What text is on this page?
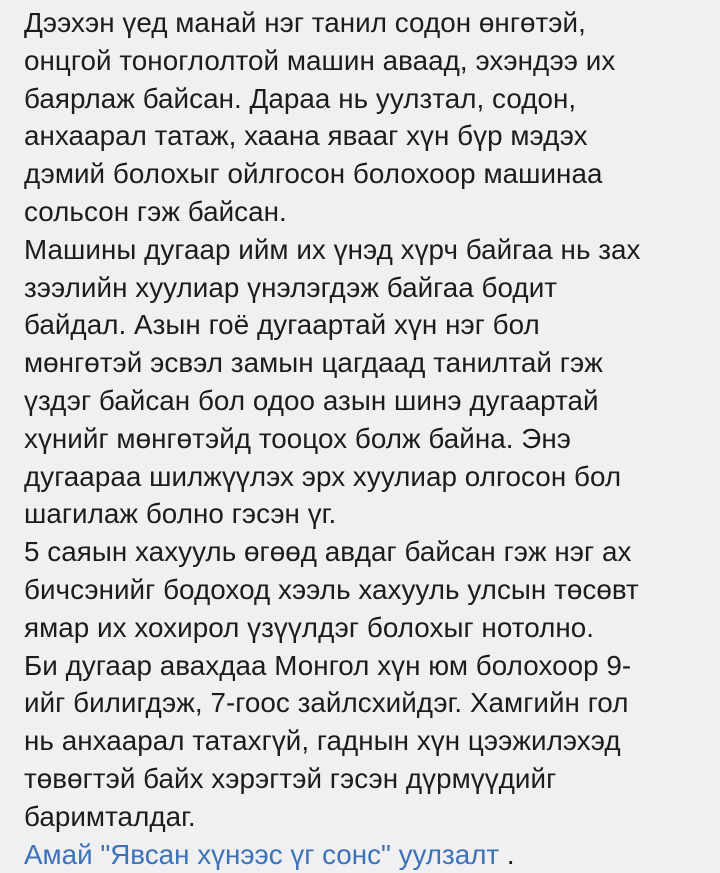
Дээхэн үед манай нэг танил содон өнгөтэй,
онцгой тоноглолтой машин аваад, эхэндээ их
баярлаж байсан. Дараа нь уулзтал, содон,
анхаарал татаж, хаана явааг хүн бүр мэдэх
дэмий болохыг ойлгосон болохоор машинаа
сольсон гэж байсан.

Машины дугаар ийм их үнэд хүрч байгаа нь зах
зээлийн хуулиар үнэлэгдэж байгаа бодит
байдал. Азын гоё дугаартай хүн нэг бол
мөнгөтэй эсвэл замын цагдаад танилтай гэж
үздэг байсан бол одоо азын шинэ дугаартай
хүнийг мөнгөтэйд тооцох болж байна. Энэ
дугаараа шилжүүлэх эрх хуулиар олгосон бол
шагилаж болно гэсэн үг.

5 саяын хахууль өгөөд авдаг байсан гэж нэг ах
бичсэнийг бодоход хээль хахууль улсын төсөвт
ямар их хохирол үзүүлдэг болохыг нотолно.

Би дугаар авахдаа Монгол хүн юм болохоор 9-
ийг билигдэж, 7-гоос зайлсхийдэг. Хамгийн гол
нь анхаарал татахгүй, гаднын хүн цээжилэхэд
төвөгтэй байх хэрэгтэй гэсэн дүрмүүдийг
баримталдаг.

Амай "Явсан хүнээс үг сонс" уулзалт .
